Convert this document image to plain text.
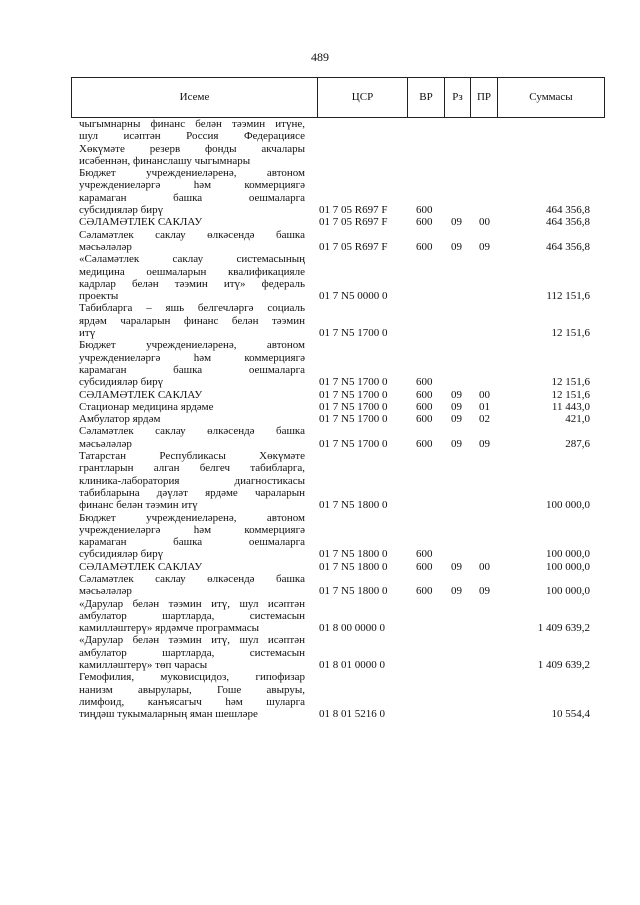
489
Исеме	ЦСР	ВР	Рз	ПР	Суммасы
чыгымнарны финанс белән тәэмин итүне,
шул исәптән Россия Федерациясе
Хөкүмәте резерв фонды акчалары
исәбеннән, финанслашу чыгымнары
Бюджет учреждениеләренә, автоном
учреждениеләргә һәм коммерциягә
карамаган башка оешмаларга
субсидияләр бирү	01 7 05 R697 F	600	464 356,8
СӘЛАМӘТЛЕК САКЛАУ	01 7 05 R697 F	600 09 00	464 356,8
Сәламәтлек саклау өлкәсендә башка
мәсьәләләр	01 7 05 R697 F	600 09 09	464 356,8
«Сәламәтлек саклау системасының
медицина оешмаларын квалификацияле
кадрлар белән тәэмин итү» федераль
проекты	01 7 N5 0000 0	112 151,6
Табибларга – яшь белгечләргә социаль
ярдәм чараларын финанс белән тәэмин
итү	01 7 N5 1700 0	12 151,6
Бюджет учреждениеләренә, автоном
учреждениеләргә һәм коммерциягә
карамаган башка оешмаларга
субсидияләр бирү	01 7 N5 1700 0	600	12 151,6
СӘЛАМӘТЛЕК САКЛАУ	01 7 N5 1700 0	600 09 00	12 151,6
Стационар медицина ярдәме	01 7 N5 1700 0	600 09 01	11 443,0
Амбулатор ярдәм	01 7 N5 1700 0	600 09 02	421,0
Сәламәтлек саклау өлкәсендә башка
мәсьәләләр	01 7 N5 1700 0	600 09 09	287,6
Татарстан Республикасы Хөкүмәте
грантларын алган белгеч табибларга,
клиника-лаборатория диагностикасы
табибларына дәүләт ярдәме чараларын
финанс белән тәэмин итү	01 7 N5 1800 0	100 000,0
Бюджет учреждениеләренә, автоном
учреждениеләргә һәм коммерциягә
карамаган башка оешмаларга
субсидияләр бирү	01 7 N5 1800 0	600	100 000,0
СӘЛАМӘТЛЕК САКЛАУ	01 7 N5 1800 0	600 09 00	100 000,0
Сәламәтлек саклау өлкәсендә башка
мәсьәләләр	01 7 N5 1800 0	600 09 09	100 000,0
«Дарулар белән тәэмин итү, шул исәптән
амбулатор шартларда, системасын
камилләштерү» ярдәмче программасы	01 8 00 0000 0	1 409 639,2
«Дарулар белән тәэмин итү, шул исәптән
амбулатор шартларда, системасын
камилләштерү» төп чарасы	01 8 01 0000 0	1 409 639,2
Гемофилия, муковисцидоз, гипофизар
нанизм авырулары, Гоше авыруы,
лимфоид, канъясагыч һәм шуларга
тиңдәш тукымаларның яман шешләре	01 8 01 5216 0	10 554,4
